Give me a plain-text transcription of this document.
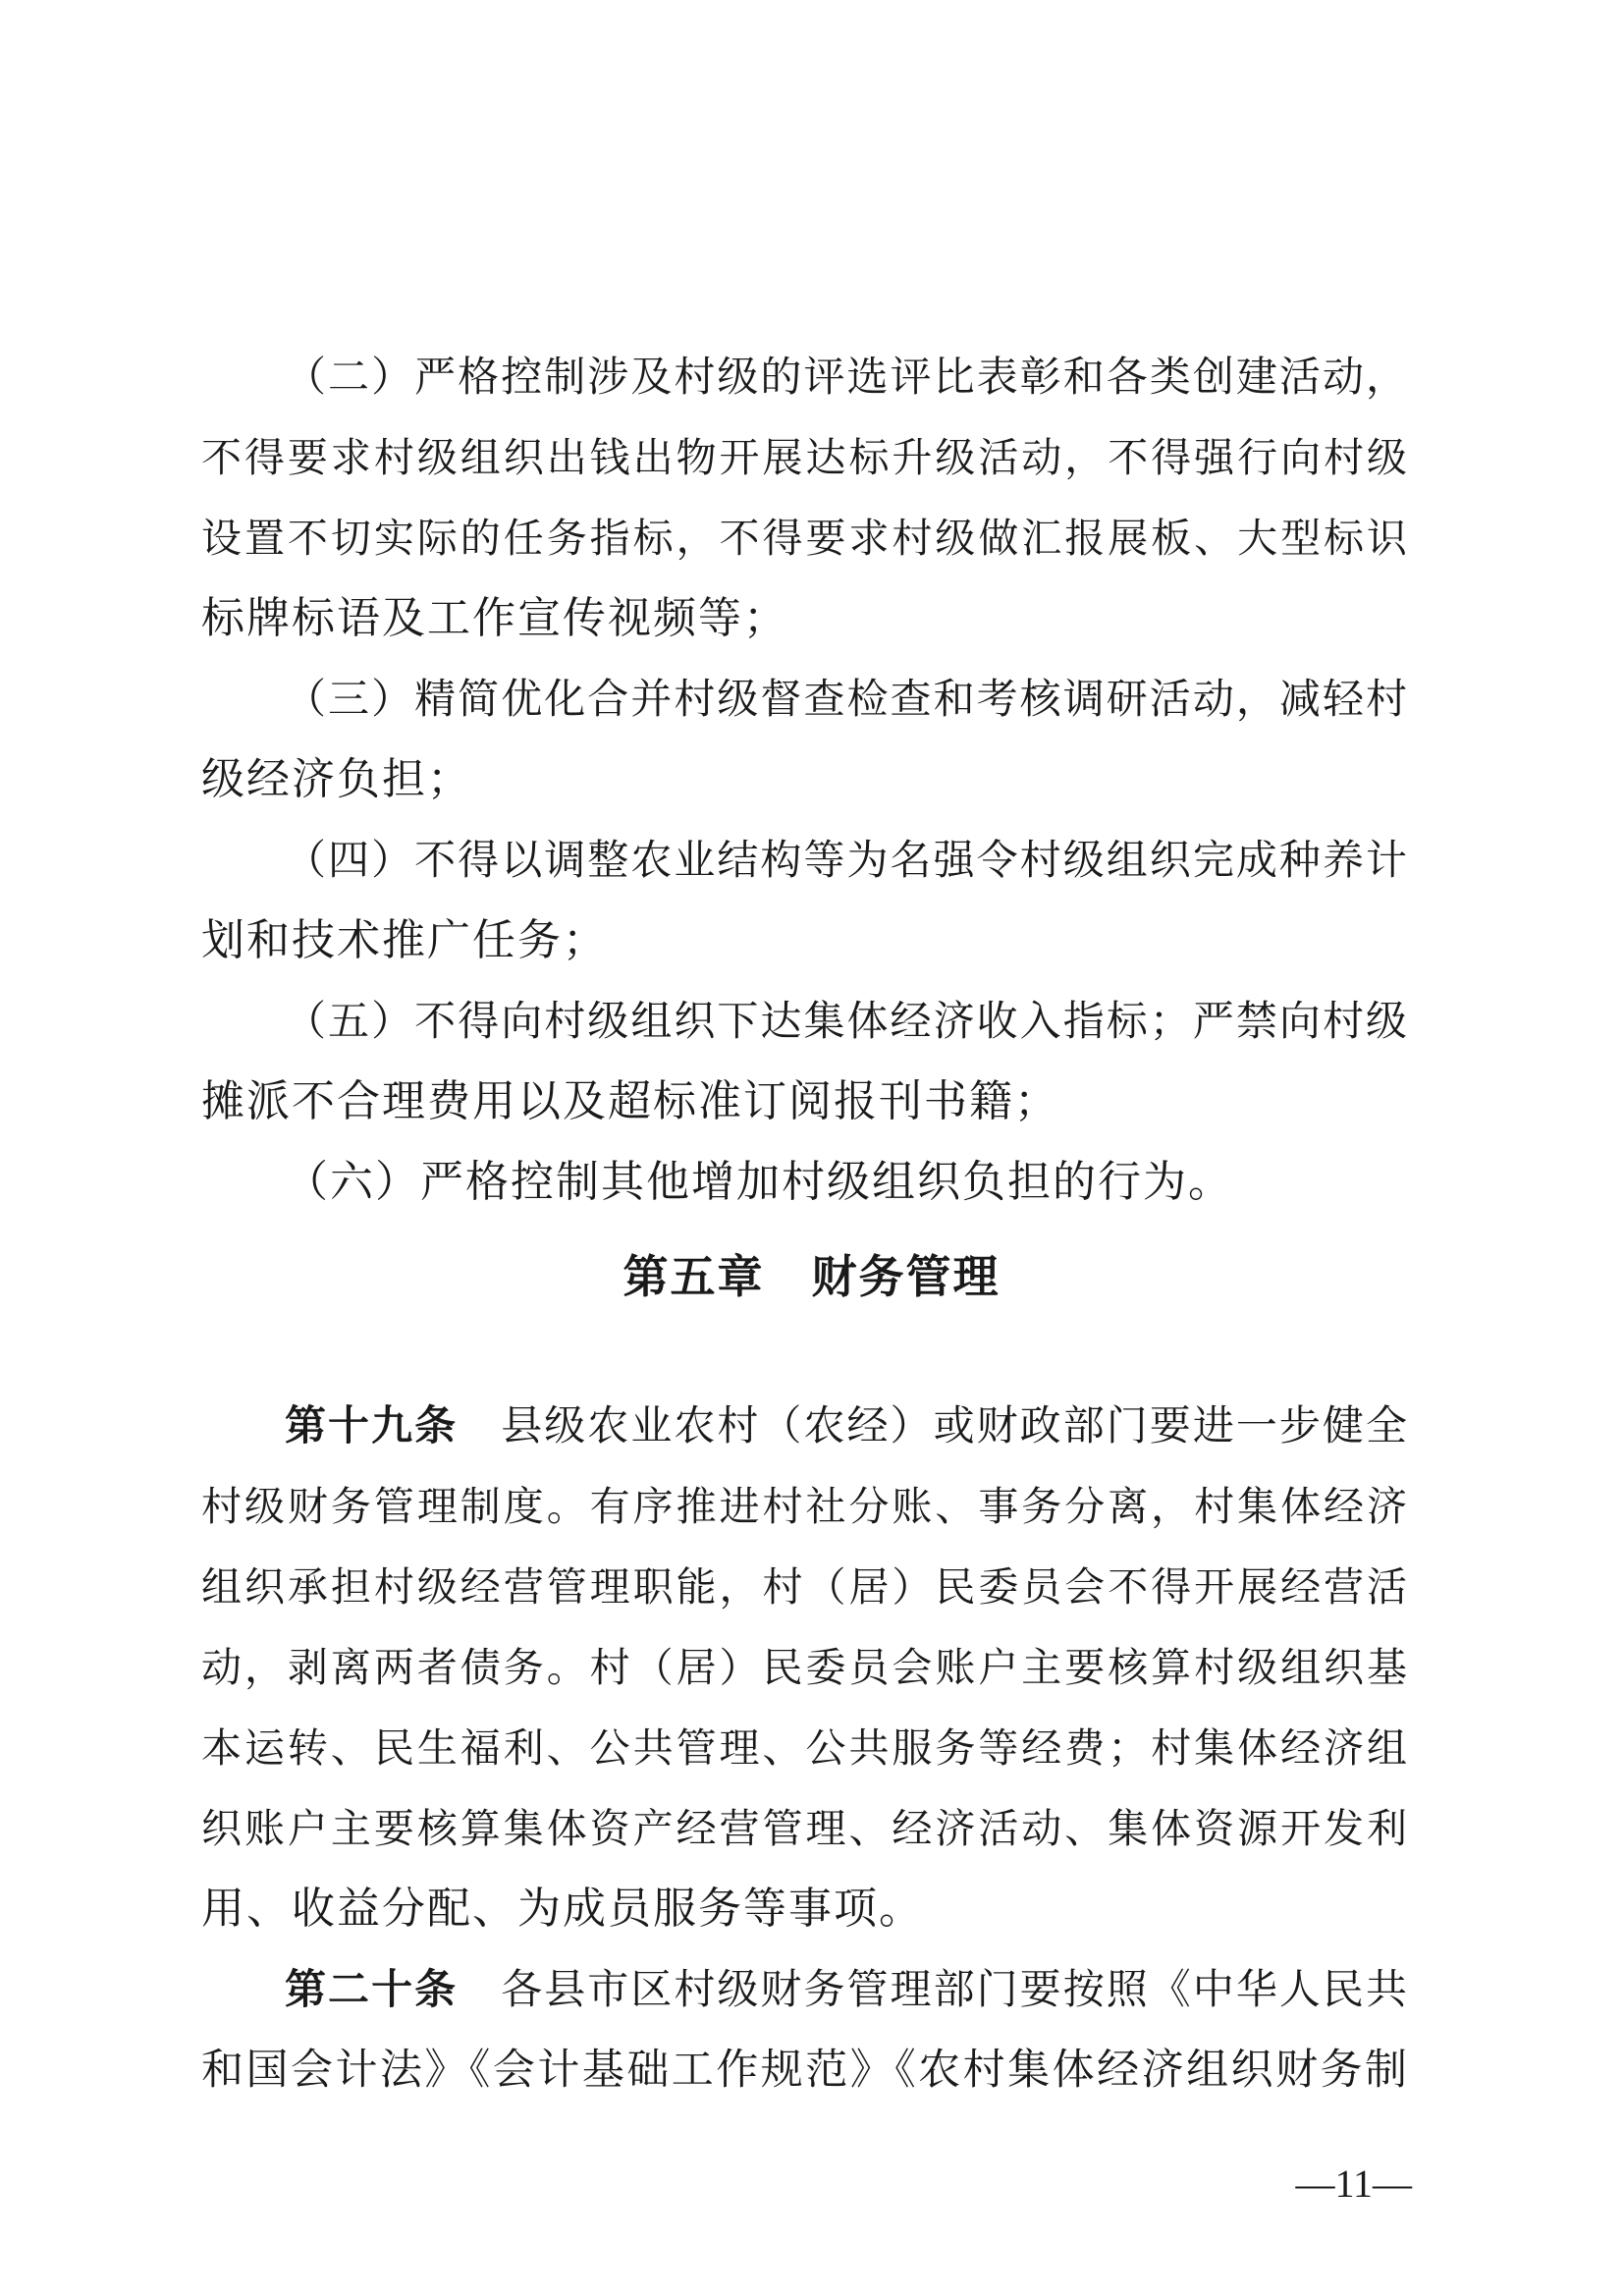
（二）严格控制涉及村级的评选评比表彰和各类创建活动，
不得要求村级组织出钱出物开展达标升级活动，不得强行向村级
设置不切实际的任务指标，不得要求村级做汇报展板、大型标识
标牌标语及工作宣传视频等；
（三）精简优化合并村级督查检查和考核调研活动，减轻村
级经济负担；
（四）不得以调整农业结构等为名强令村级组织完成种养计
划和技术推广任务；
（五）不得向村级组织下达集体经济收入指标；严禁向村级
摊派不合理费用以及超标准订阅报刊书籍；
（六）严格控制其他增加村级组织负担的行为。
第五章　财务管理
第十九条　 县级农业农村（农经）或财政部门要进一步健全
村级财务管理制度。有序推进村社分账、事务分离，村集体经济
组织承担村级经营管理职能，村（居）民委员会不得开展经营活
动，剥离两者债务。村（居）民委员会账户主要核算村级组织基
本运转、民生福利、公共管理、公共服务等经费；村集体经济组
织账户主要核算集体资产经营管理、经济活动、集体资源开发利
用、收益分配、为成员服务等事项。
第二十条　 各县市区村级财务管理部门要按照《中华人民共
和国会计法》《会计基础工作规范》《农村集体经济组织财务制
—11—
